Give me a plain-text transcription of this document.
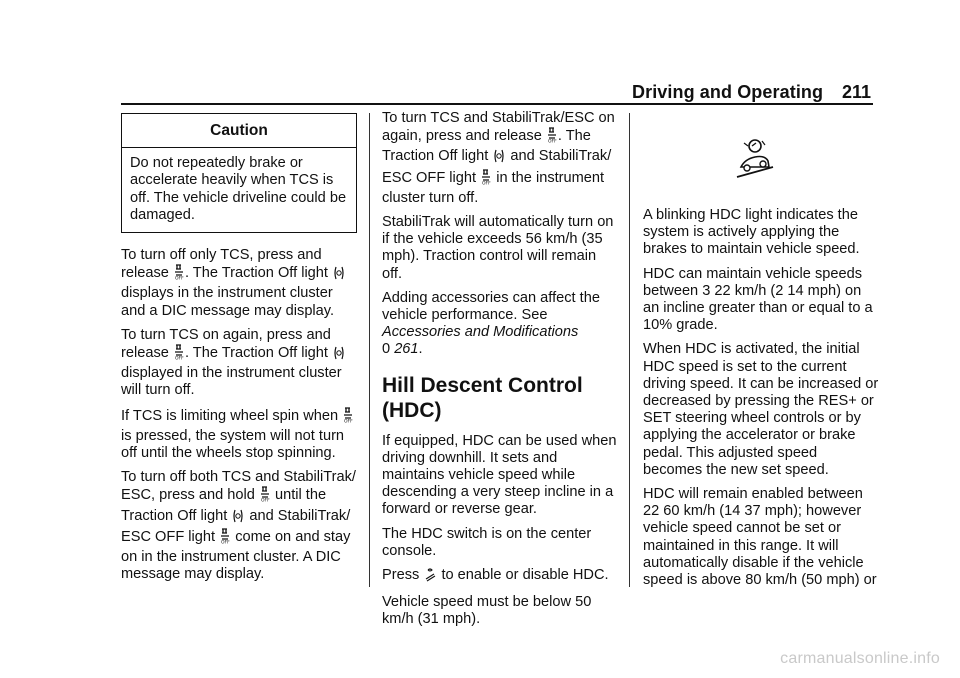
Driving and Operating 211
Caution
Do not repeatedly brake or accelerate heavily when TCS is off. The vehicle driveline could be damaged.

To turn off only TCS, press and release OFF . The Traction Off light  displays in the instrument cluster and a DIC message may display.

To turn TCS on again, press and release OFF . The Traction Off light  displayed in the instrument cluster will turn off.

If TCS is limiting wheel spin when OFF
is pressed, the system will not turn off until the wheels stop spinning.

To turn off both TCS and StabiliTrak/ ESC, press and hold OFF until the Traction Off light and StabiliTrak/ ESC OFF light OFF come on and stay on in the instrument cluster. A DIC message may display.

To turn TCS and StabiliTrak/ESC on again, press and release OFF . The Traction Off light and StabiliTrak/ ESC OFF light OFF in the instrument cluster turn off.

StabiliTrak will automatically turn on if the vehicle exceeds 56 km/h (35 mph). Traction control will remain off.

Adding accessories can affect the vehicle performance. See Accessories and Modifications
0 261.

Hill Descent Control (HDC)

If equipped, HDC can be used when driving downhill. It sets and maintains vehicle speed while descending a very steep incline in a forward or reverse gear.

The HDC switch is on the center console.

Press to enable or disable HDC.

Vehicle speed must be below 50 km/h (31 mph).

A blinking HDC light indicates the system is actively applying the brakes to maintain vehicle speed.

HDC can maintain vehicle speeds between 3 22 km/h (2 14 mph) on an incline greater than or equal to a 10% grade.

When HDC is activated, the initial HDC speed is set to the current driving speed. It can be increased or decreased by pressing the RES+ or SET steering wheel controls or by applying the accelerator or brake pedal. This adjusted speed becomes the new set speed.

HDC will remain enabled between 22 60 km/h (14 37 mph); however vehicle speed cannot be set or maintained in this range. It will automatically disable if the vehicle speed is above 80 km/h (50 mph) or

carmanualsonline.info
